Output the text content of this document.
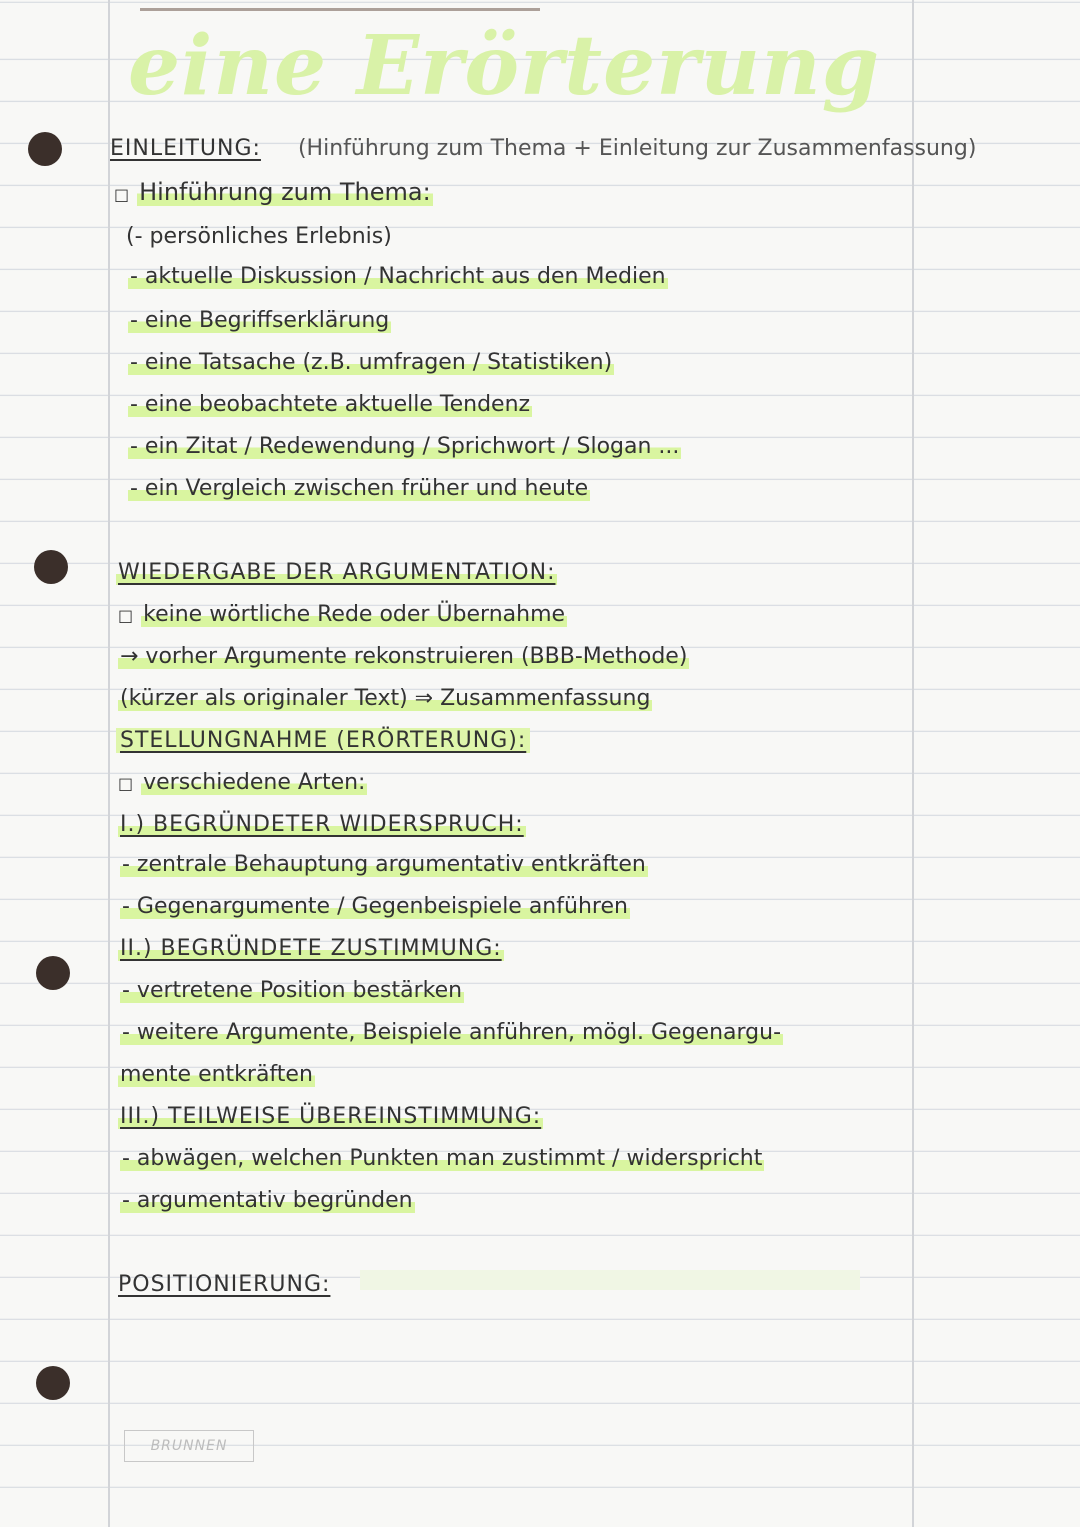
eine Erörterung
EINLEITUNG: (Hinführung zum Thema + Einleitung zur Zusammenfassung)
□ Hinführung zum Thema:
(- persönliches Erlebnis)
- aktuelle Diskussion / Nachricht aus den Medien
- eine Begriffserklärung
- eine Tatsache (z.B. umfragen / Statistiken)
- eine beobachtete aktuelle Tendenz
- ein Zitat / Redewendung / Sprichwort / Slogan ...
- ein Vergleich zwischen früher und heute
WIEDERGABE DER ARGUMENTATION:
□ keine wörtliche Rede oder Übernahme
→ vorher Argumente rekonstruieren (BBB-Methode)
(kürzer als originaler Text) ⇒ Zusammenfassung
STELLUNGNAHME (ERÖRTERUNG):
□ verschiedene Arten:
I.) BEGRÜNDETER WIDERSPRUCH:
- zentrale Behauptung argumentativ entkräften
- Gegenargumente / Gegenbeispiele anführen
II.) BEGRÜNDETE ZUSTIMMUNG:
- vertretene Position bestärken
- weitere Argumente, Beispiele anführen, mögl. Gegenargu-
mente entkräften
III.) TEILWEISE ÜBEREINSTIMMUNG:
- abwägen, welchen Punkten man zustimmt / widerspricht
- argumentativ begründen
POSITIONIERUNG:
BRUNNEN
